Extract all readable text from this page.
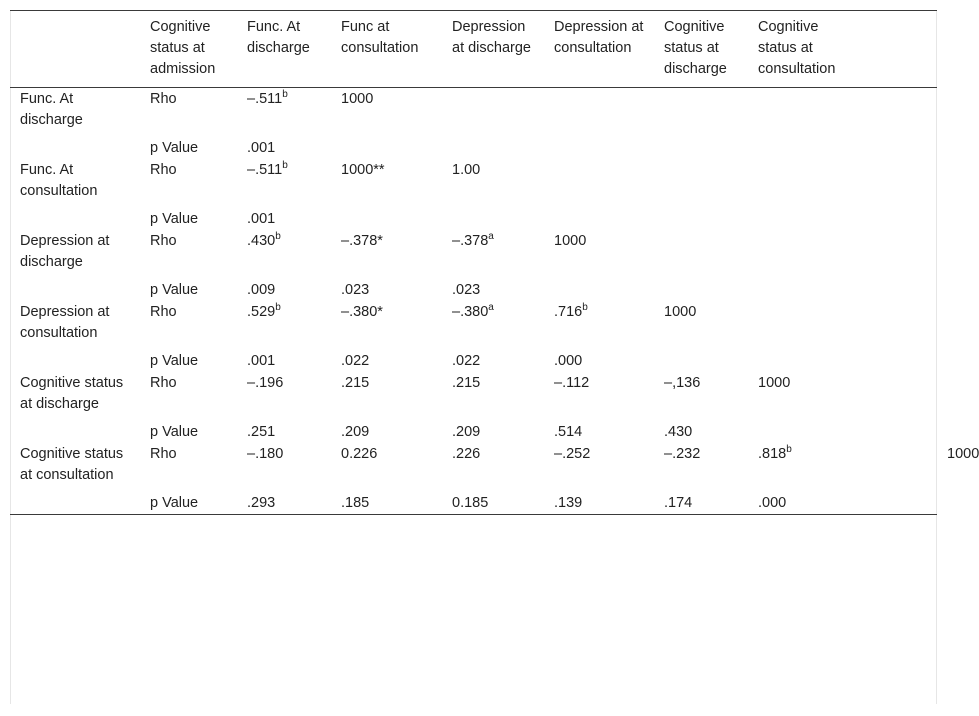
	Cognitive status at admission	Func. At discharge	Func at consultation	Depression at discharge	Depression at consultation	Cognitive status at discharge	Cognitive status at consultation		
Func. At discharge	Rho	–.511$^b$	1000						
	p Value	.001							
Func. At consultation	Rho	–.511$^b$	1000**	1.00					
	p Value	.001							
Depression at discharge	Rho	.430$^b$	–.378*	–.378$^a$	1000				
	p Value	.009	.023	.023					
Depression at consultation	Rho	.529$^b$	–.380*	–.380$^a$	.716$^b$	1000			
	p Value	.001	.022	.022	.000				
Cognitive status at discharge	Rho	–.196	.215	.215	–.112	–,136	1000		
	p Value	.251	.209	.209	.514	.430			
Cognitive status at consultation	Rho	–.180	0.226	.226	–.252	–.232	.818$^b$		1000
	p Value	.293	.185	0.185	.139	.174	.000		
